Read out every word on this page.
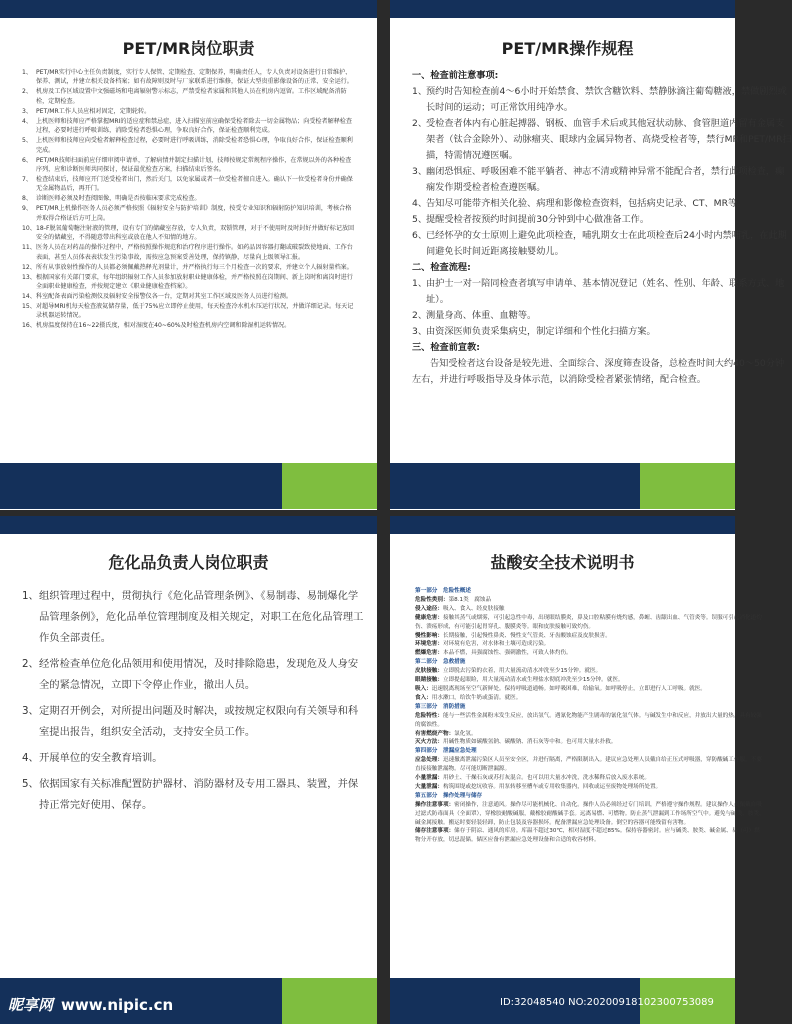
PET/MR岗位职责
1、 PET/MR实行中心主任负责制度，实行专人保管、定期检查、定期保养，明确责任人，专人负责对设备进行日常维护、保养、测试，并建立相关设备档案；如有故障则及时与厂家联系进行维修，保证大型贵重影像设备的正常、安全运行。
2、 机房及工作区域设置中文强磁场和电离辐射警示标志，严禁受检者家属和其他人员在机房内逗留。工作区域配备消防栓，定期检查。
3、 PET/MR工作人员应相对固定，定期轮转。
4、 上机医师和技师应严格掌握MRI的适应症和禁忌症，进入扫描室前应确保受检者除去一切金属物品；向受检者解释检查过程，必要时进行呼吸训练，消除受检者恐惧心理，争取良好合作，保证检查顺利完成。
5、 上机医师和技师应向受检者解释检查过程，必要时进行呼吸训练，消除受检者恐惧心理，争取良好合作，保证检查顺利完成。
6、 PET/MR技师扫面前应仔细审阅申请单，了解病情并制定扫描计划，技师按规定常规程序操作，在常规以外的各种检查序列，应和诊断医师共同探讨，保证最优检查方案，扫描结束后签名。
7、 检查结束后，技师应开门送受检者出门，然后关门，以免家属或者一位受检者擅自进入。确认下一位受检者身份并确保无金属物品后，再开门。
8、 诊断医师必须及时查阅图像，明确是否按临床要求完成检查。
9、 PET/MR上机操作医务人员必须严格按照《辐射安全与防护培训》制度，按受专业知识和辐射防护知识培训，考核合格并取得合格证后方可上岗。
10、 18-F脱氧葡萄糖注射液的管理，设有专门的储藏室存放，专人负责，双锁管理，对于不使用时及时封好并做好标记放回安全的储藏室，不得随意带出科室或放在他人不知情的地方。
11、 医务人员在对药品的操作过程中，严格按照操作规范和治疗程序进行操作。如药品因容器打翻或破裂致使地面、工作台表面，甚至人员体表表状发生污染事故，需按应急预案妥善处理，保持镇静，尽量向上级领导汇报。
12、 所有从事放射性操作的人员都必须佩戴热释光剂量计，并严格执行每三个月检查一次的要求，并建立个人辐射量档案。
13、 根据国家有关部门要求，每年组织辐射工作人员参加放射职业健康体检，并严格按照在岗期间、新上岗时和离岗时进行全面职业健康检查，并按规定建立《职业健康检查档案》。
14、 科室配备表面污染检测仪及辐射安全报警仪各一台，定期对其室工作区域及医务人员进行检测。
15、 对超导MRI机每天检查液氦储存量，低于75%应立即停止使用，每天检查冷水机水压运行状况，并做详细记录。每天记录机器运转情况。
16、 机房温度保持在16~22摄氏度，相对湿度在40~60%及时检查机房内空调和除湿机运转情况。
PET/MR操作规程
一、检查前注意事项:
1、
预约时告知检查前4～6小时开始禁食、禁饮含糖饮料、禁静脉滴注葡萄糖液，禁做剧烈或长时间的运动；可正常饮用纯净水。
2、
受检查者体内有心脏起搏器、钢板、血管手术后或其他冠状动脉、食管胆道内留有金属支架者（钛合金除外）、动脉瘤夹、眼球内金属异物者、高烧受检者等，禁行MR和PET/MR扫描，特需情况遵医嘱。
3、
幽闭恐惧症、呼吸困难不能平躺者、神志不清或精神异常不能配合者，禁行此项检查，癫痫发作期受检者检查遵医嘱。
4、
告知尽可能带齐相关化验、病理和影像检查资料，包括病史记录、CT、MR等。
5、
提醒受检者按预约时间提前30分钟到中心做准备工作。
6、
已经怀孕的女士原则上避免此项检查，哺乳期女士在此项检查后24小时内禁哺乳，在此期间避免长时间近距离接触婴幼儿。
二、检查流程:
1、
由护士一对一陪同检查者填写申请单、基本情况登记（姓名、性别、年龄、联系方式、地址）。
2、
测量身高、体重、血糖等。
3、
由资深医师负责采集病史，制定详细和个性化扫描方案。
三、检查前宣教:
告知受检者这台设备是较先进、全面综合、深度筛查设备，总检查时间大约40～50分钟左右，并进行呼吸指导及身体示范，以消除受检者紧张情绪，配合检查。
危化品负责人岗位职责
1、 组织管理过程中，贯彻执行《危化品管理条例》、《易制毒、易制爆化学品管理条例》，危化品单位管理制度及相关规定，对职工在危化品管理工作负全部责任。
2、 经常检查单位危化品领用和使用情况，及时排除隐患，发现危及人身安全的紧急情况，立即下令停止作业，撤出人员。
3、 定期召开例会，对所提出问题及时解决，或按规定权限向有关领导和科室提出报告，组织安全活动，支持安全员工作。
4、 开展单位的安全教育培训。
5、 依据国家有关标准配置防护器材、消防器材及专用工器具、装置，并保持正常完好使用、保存。
盐酸安全技术说明书
第一部分　危险性概述
危险性类别：第8.1类　腐蚀品
侵入途径：吸入、食入、经皮肤接触
健康危害：接触其蒸气或烟雾，可引起急性中毒，出现眼结膜炎，鼻及口腔粘膜有烧灼感，鼻衄、齿龈出血、气管炎等。误服可引起消化道灼伤、溃疡形成，有可能引起胃穿孔、腹膜炎等。眼和皮肤接触可致灼伤。
慢性影响：长期接触，引起慢性鼻炎、慢性支气管炎、牙齿酸蚀症及皮肤损害。
环境危害：对环境有危害，对水体和土壤可造成污染。
燃爆危害：本品不燃，具强腐蚀性、强刺激性，可致人体灼伤。
第二部分　急救措施
皮肤接触：立即脱去污染的衣着，用大量流动清水冲洗至少15分钟。就医。
眼睛接触：立即提起眼睑，用大量流动清水或生理盐水彻底冲洗至少15分钟。就医。
吸入：迅速脱离现场至空气新鲜处。保持呼吸道通畅。如呼吸困难，给输氧。如呼吸停止，立即进行人工呼吸。就医。
食入：用水漱口，给饮牛奶或蛋清。就医。
第三部分　消防措施
危险特性：能与一些活性金属粉末发生反应，放出氢气。遇氰化物能产生剧毒的氰化氢气体。与碱发生中和反应，并放出大量的热。具有较强的腐蚀性。
有害燃烧产物：氯化氢。
灭火方法：用碱性物质如碳酸氢钠、碳酸钠、消石灰等中和。也可用大量水扑救。
第四部分　泄漏应急处理
应急处理：迅速撤离泄漏污染区人员至安全区，并进行隔离，严格限制出入。建议应急处理人员戴自给正压式呼吸器，穿防酸碱工作服。不要直接接触泄漏物。尽可能切断泄漏源。
小量泄漏：用砂土、干燥石灰或苏打灰混合。也可以用大量水冲洗，洗水稀释后放入废水系统。
大量泄漏：构筑围堤或挖坑收容。用泵转移至槽车或专用收集器内，回收或运至废物处理场所处置。
第五部分　操作处理与储存
操作注意事项：密闭操作，注意通风。操作尽可能机械化、自动化。操作人员必须经过专门培训，严格遵守操作规程。建议操作人员佩戴自吸过滤式防毒面具（全面罩），穿橡胶耐酸碱服，戴橡胶耐酸碱手套。远离易燃、可燃物。防止蒸气泄漏到工作场所空气中。避免与碱类、胺类、碱金属接触。搬运时要轻装轻卸，防止包装及容器损坏。配备泄漏应急处理设备。倒空的容器可能残留有害物。
储存注意事项：储存于阴凉、通风的库房。库温不超过30℃，相对湿度不超过85%。保持容器密封。应与碱类、胺类、碱金属、易（可）燃物分开存放，切忌混储。储区应备有泄漏应急处理设备和合适的收容材料。
昵享网 www.nipic.cn	ID:32048540 NO:20200918102300753089
